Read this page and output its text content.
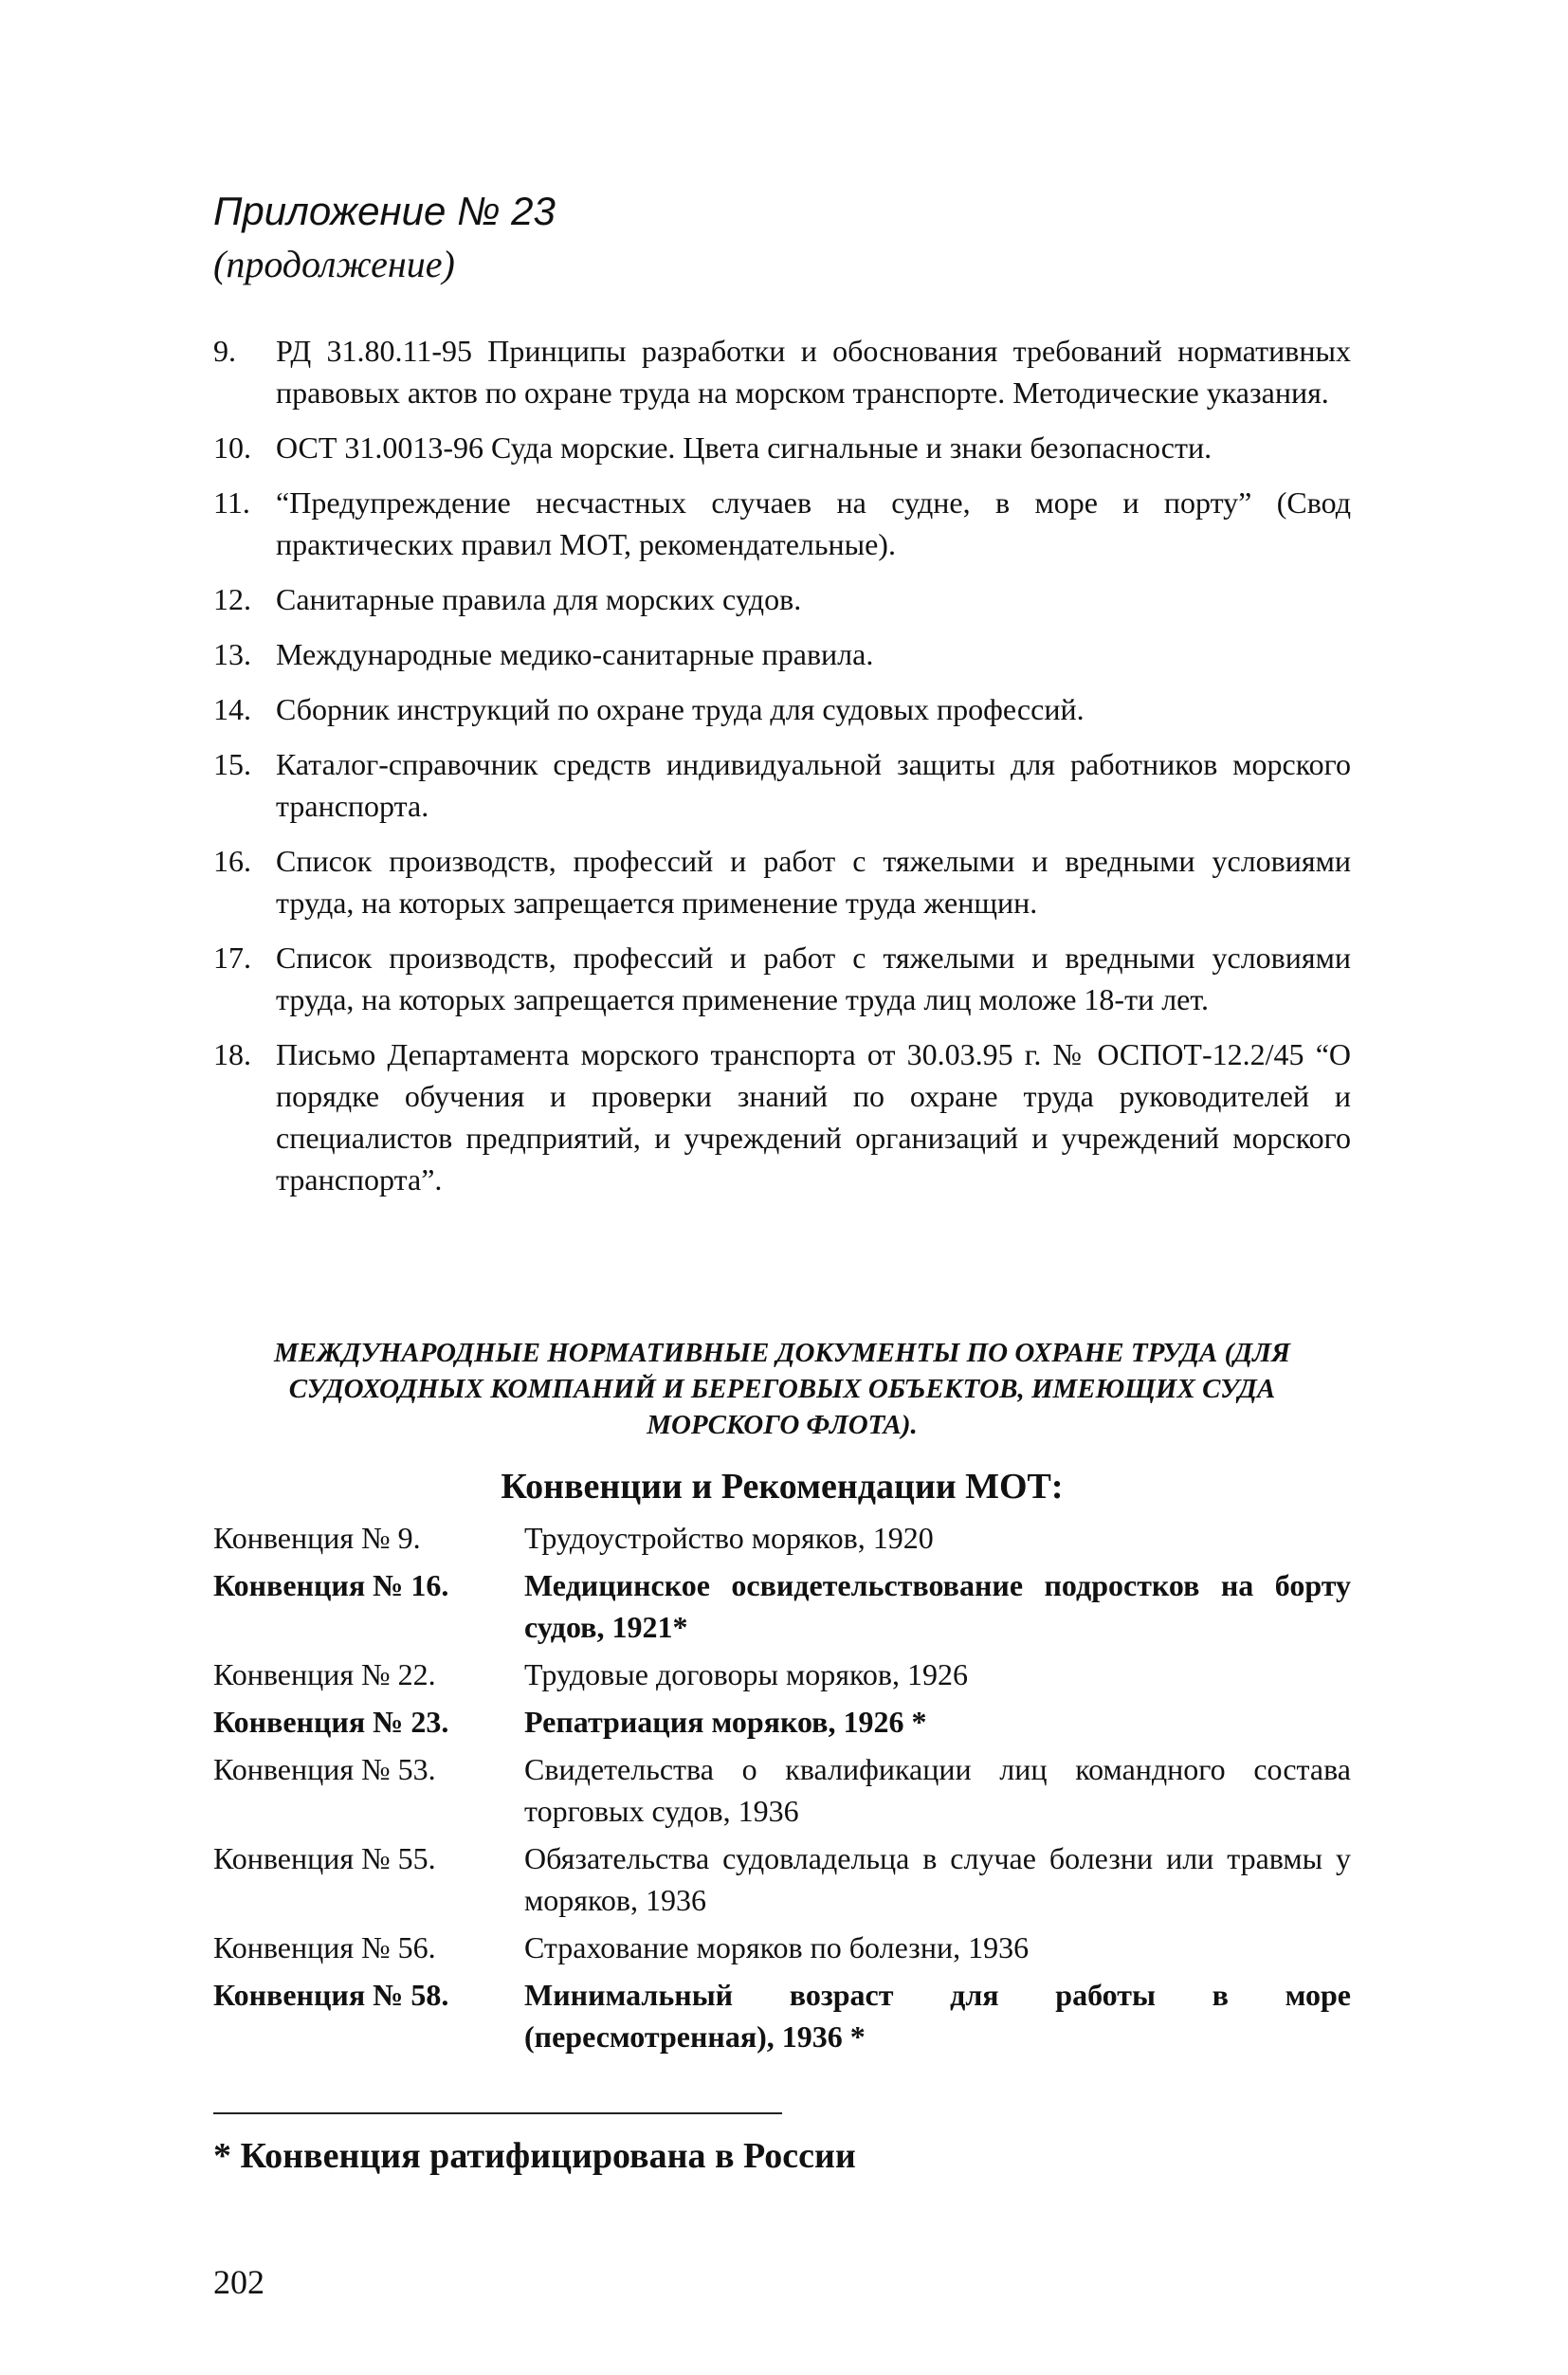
Приложение № 23
(продолжение)
9.	РД 31.80.11-95 Принципы разработки и обоснования требований нормативных правовых актов по охране труда на морском транспорте. Методические указания.
10. ОСТ 31.0013-96 Суда морские. Цвета сигнальные и знаки безопасности.
11. “Предупреждение несчастных случаев на судне, в море и порту” (Свод практических правил МОТ, рекомендательные).
12. Санитарные правила для морских судов.
13. Международные медико-санитарные правила.
14. Сборник инструкций по охране труда для судовых профессий.
15. Каталог-справочник средств индивидуальной защиты для работников морского транспорта.
16. Список производств, профессий и работ с тяжелыми и вредными условиями труда, на которых запрещается применение труда женщин.
17. Список производств, профессий и работ с тяжелыми и вредными условиями труда, на которых запрещается применение труда лиц моложе 18-ти лет.
18. Письмо Департамента морского транспорта от 30.03.95 г. № ОСПОТ-12.2/45 “О порядке обучения и проверки знаний по охране труда руководителей и специалистов предприятий, и учреждений организаций и учреждений морского транспорта”.
МЕЖДУНАРОДНЫЕ НОРМАТИВНЫЕ ДОКУМЕНТЫ ПО ОХРАНЕ ТРУДА (ДЛЯ СУДОХОДНЫХ КОМПАНИЙ И БЕРЕГОВЫХ ОБЪЕКТОВ, ИМЕЮЩИХ СУДА МОРСКОГО ФЛОТА).
Конвенции и Рекомендации МОТ:
Конвенция № 9.	Трудоустройство моряков, 1920
Конвенция № 16.	Медицинское освидетельствование подростков на борту судов, 1921*
Конвенция № 22.	Трудовые договоры моряков, 1926
Конвенция № 23.	Репатриация моряков, 1926 *
Конвенция № 53.	Свидетельства о квалификации лиц командного состава торговых судов, 1936
Конвенция № 55.	Обязательства судовладельца в случае болезни или травмы у моряков, 1936
Конвенция № 56.	Страхование моряков по болезни, 1936
Конвенция № 58.	Минимальный возраст для работы в море (пересмотренная), 1936 *
* Конвенция ратифицирована в России
202
